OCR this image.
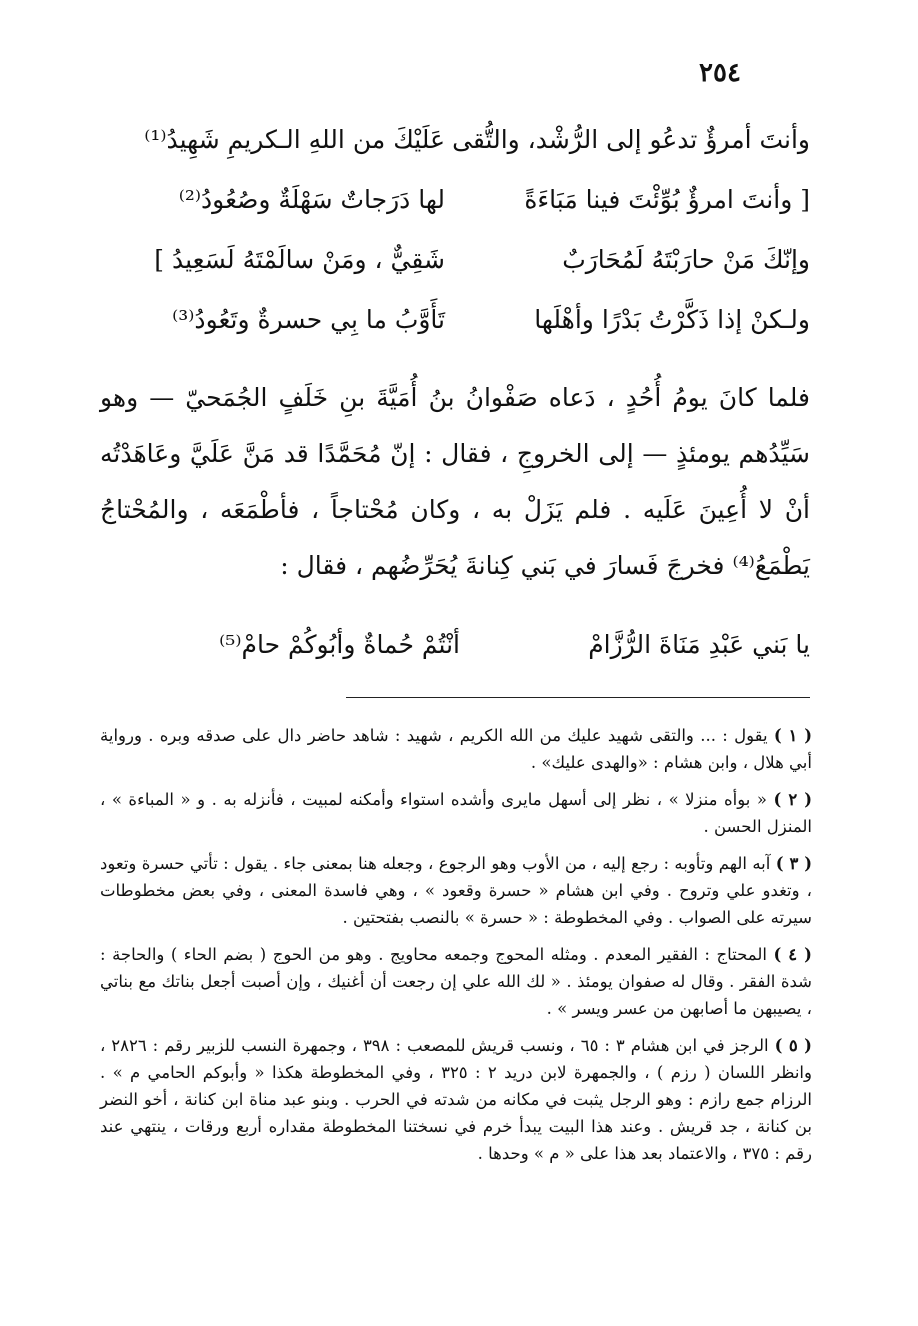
٢٥٤
وأنتَ أمرؤٌ تدعُو إلى الرُّشْد، والتُّقى
عَلَيْكَ من اللهِ الـكريمِ شَهِيدُ⁽¹⁾
[ وأنتَ امرؤٌ بُوِّئْتَ فينا مَبَاءَةً
لها دَرَجاتٌ سَهْلَةٌ وصُعُودُ⁽²⁾
وإنّكَ مَنْ حارَبْتَهُ لَمُحَارَبٌ
شَقِيٌّ ، ومَنْ سالَمْتَهُ لَسَعِيدُ ]
ولـكنْ إذا ذَكَّرْتُ بَدْرًا وأهْلَها
تَأَوَّبُ ما بِي حسرةٌ وتَعُودُ⁽³⁾

فلما كانَ يومُ أُحُدٍ ، دَعاه صَفْوانُ بنُ أُمَيَّةَ بنِ خَلَفٍ الجُمَحيّ — وهو سَيِّدُهم يومئذٍ — إلى الخروجِ ، فقال : إنّ مُحَمَّدًا قد مَنَّ عَلَيَّ وعَاهَدْتُه أنْ لا أُعِينَ عَلَيه . فلم يَزَلْ به ، وكان مُحْتاجاً ، فأطْمَعَه ، والمُحْتاجُ يَطْمَعُ⁽⁴⁾ فخرجَ فَسارَ في بَني كِنانةَ يُحَرِّضُهم ، فقال :

يا بَني عَبْدِ مَنَاةَ الرُّزَّامْ
أنْتُمْ حُماةٌ وأبُوكُمْ حامْ⁽⁵⁾

( ١ ) يقول : ... والتقى شهيد عليك من الله الكريم ، شهيد : شاهد حاضر دال على صدقه وبره . ورواية أبي هلال ، وابن هشام : «والهدى عليك» .

( ٢ ) « بوأه منزلا » ، نظر إلى أسهل مايرى وأشده استواء وأمكنه لمبيت ، فأنزله به . و « المباءة » ، المنزل الحسن .

( ٣ ) آبه الهم وتأوبه : رجع إليه ، من الأوب وهو الرجوع ، وجعله هنا بمعنى جاء . يقول : تأتي حسرة وتعود ، وتغدو علي وتروح . وفي ابن هشام « حسرة وقعود » ، وهي فاسدة المعنى ، وفي بعض مخطوطات سيرته على الصواب . وفي المخطوطة : « حسرة » بالنصب بفتحتين .

( ٤ ) المحتاج : الفقير المعدم . ومثله المحوج وجمعه محاويج . وهو من الحوج ( بضم الحاء ) والحاجة : شدة الفقر . وقال له صفوان يومئذ . « لك الله علي إن رجعت أن أغنيك ، وإن أصبت أجعل بناتك مع بناتي ، يصيبهن ما أصابهن من عسر ويسر » .

( ٥ ) الرجز في ابن هشام ٣ : ٦٥ ، ونسب قريش للمصعب : ٣٩٨ ، وجمهرة النسب للزبير رقم : ٢٨٢٦ ، وانظر اللسان ( رزم ) ، والجمهرة لابن دريد ٢ : ٣٢٥ ، وفي المخطوطة هكذا « وأبوكم الحامي م » . الرزام جمع رازم : وهو الرجل يثبت في مكانه من شدته في الحرب . وبنو عبد مناة ابن كنانة ، أخو النضر بن كنانة ، جد قريش . وعند هذا البيت يبدأ خرم في نسختنا المخطوطة مقداره أربع ورقات ، ينتهي عند رقم : ٣٧٥ ، والاعتماد بعد هذا على « م » وحدها .
